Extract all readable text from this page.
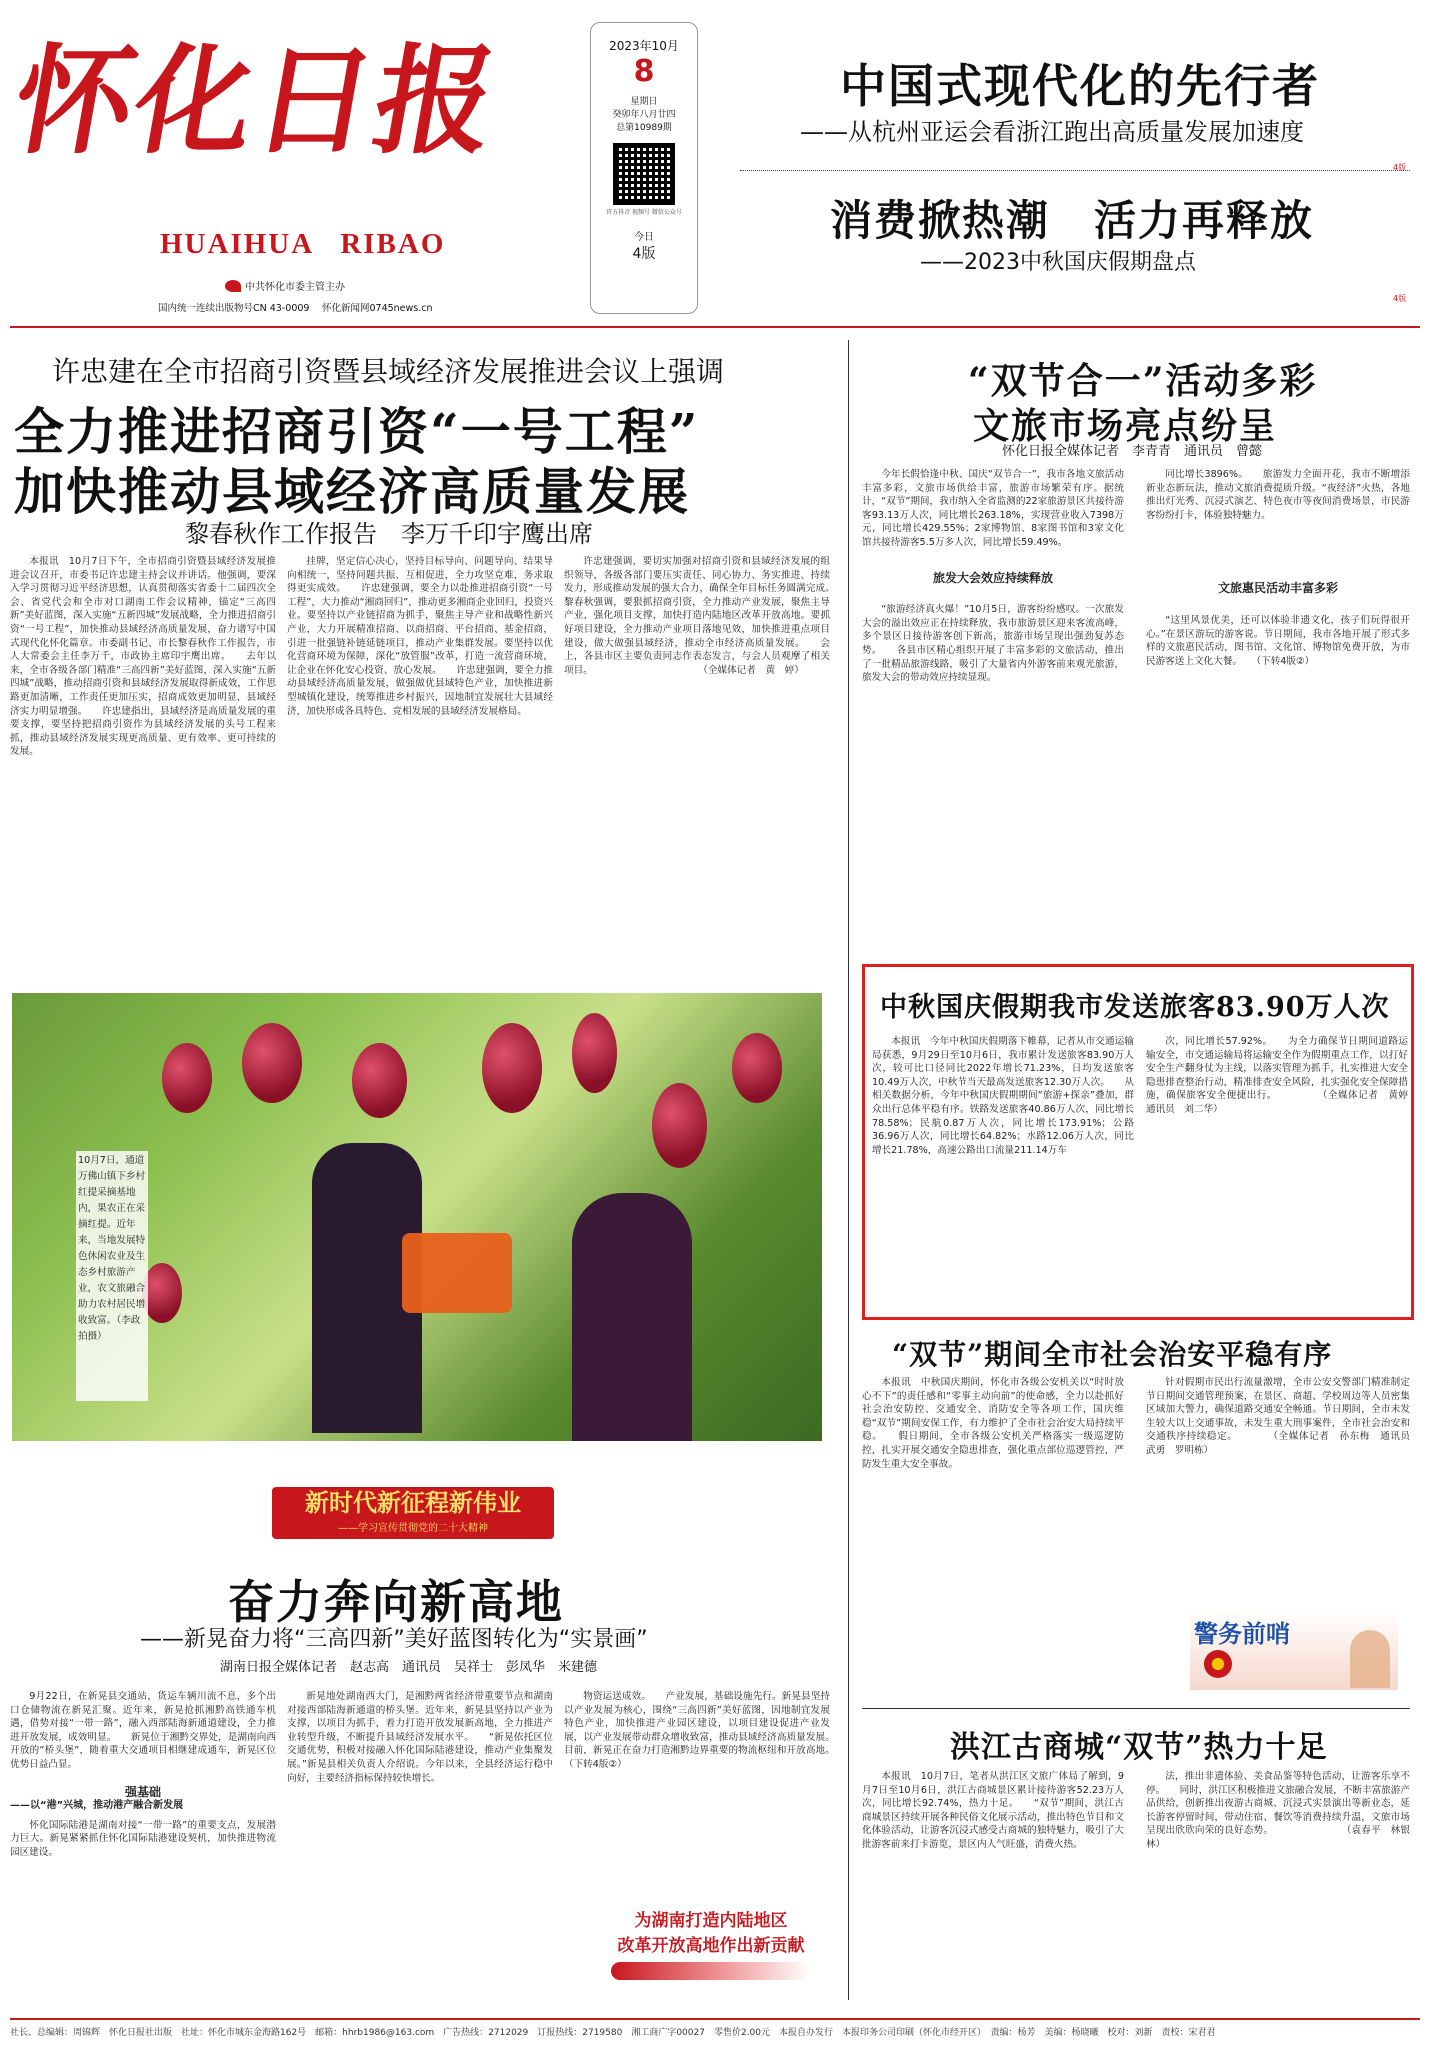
怀化日报
HUAIHUA   RIBAO
中共怀化市委主管主办
国内统一连续出版物号CN 43-0009　 怀化新闻网0745news.cn
2023年10月
8
星期日
癸卯年八月廿四
总第10989期
官方抖音 视频号 微信公众号
今日
4版
中国式现代化的先行者
——从杭州亚运会看浙江跑出高质量发展加速度
4版
消费掀热潮　活力再释放
——2023中秋国庆假期盘点
4版
许忠建在全市招商引资暨县域经济发展推进会议上强调
全力推进招商引资“一号工程”
加快推动县域经济高质量发展
黎春秋作工作报告　李万千印宇鹰出席

本报讯　10月7日下午，全市招商引资暨县域经济发展推进会议召开，市委书记许忠建主持会议并讲话。他强调，要深入学习贯彻习近平经济思想，认真贯彻落实省委十二届四次全会、省党代会和全市对口湖南工作会议精神，锚定“三高四新”美好蓝图，深入实施“五新四城”发展战略，全力推进招商引资“一号工程”，加快推动县域经济高质量发展，奋力谱写中国式现代化怀化篇章。市委副书记、市长黎春秋作工作报告，市人大常委会主任李万千，市政协主席印宇鹰出席。　　去年以来，全市各级各部门精准“三高四新”美好蓝图，深入实施“五新四城”战略，推动招商引资和县域经济发展取得新成效，工作思路更加清晰，工作责任更加压实，招商成效更加明显，县域经济实力明显增强。　　许忠建指出，县域经济是高质量发展的重要支撑，要坚持把招商引资作为县域经济发展的头号工程来抓，推动县域经济发展实现更高质量、更有效率、更可持续的发展。

挂牌，坚定信心决心，坚持目标导向、问题导向、结果导向相统一，坚持问题共振、互相促进，全力攻坚克难，务求取得更实成效。　　许忠建强调，要全力以赴推进招商引资“一号工程”，大力推动“湘商回归”，推动更多湘商企业回归，投资兴业。要坚持以产业链招商为抓手，聚焦主导产业和战略性新兴产业，大力开展精准招商、以商招商、平台招商、基金招商，引进一批强链补链延链项目，推动产业集群发展。要坚持以优化营商环境为保障，深化“放管服”改革，打造一流营商环境，让企业在怀化安心投资、放心发展。　　许忠建强调，要全力推动县域经济高质量发展，做强做优县域特色产业，加快推进新型城镇化建设，统筹推进乡村振兴，因地制宜发展壮大县域经济，加快形成各具特色、竞相发展的县域经济发展格局。

许忠建强调，要切实加强对招商引资和县域经济发展的组织领导，各级各部门要压实责任、同心协力、务实推进、持续发力，形成推动发展的强大合力，确保全年目标任务圆满完成。　　黎春秋强调，要狠抓招商引资，全力推动产业发展，聚焦主导产业，强化项目支撑，加快打造内陆地区改革开放高地。要抓好项目建设，全力推动产业项目落地见效，加快推进重点项目建设，做大做强县域经济，推动全市经济高质量发展。　　会上，各县市区主要负责同志作表态发言，与会人员观摩了相关项目。　　　　　　　　　　　　（全媒体记者　黄　婷）

“双节合一”活动多彩
文旅市场亮点纷呈
怀化日报全媒体记者　李青青　通讯员　曾懿

今年长假恰逢中秋、国庆“双节合一”，我市各地文旅活动丰富多彩，文旅市场供给丰富，旅游市场繁荣有序。据统计，“双节”期间，我市纳入全省监测的22家旅游景区共接待游客93.13万人次，同比增长263.18%，实现营业收入7398万元，同比增长429.55%；2家博物馆、8家图书馆和3家文化馆共接待游客5.5万多人次，同比增长59.49%。

旅发大会效应持续释放

“旅游经济真火爆！”10月5日，游客纷纷感叹。一次旅发大会的溢出效应正在持续释放，我市旅游景区迎来客流高峰，多个景区日接待游客创下新高，旅游市场呈现出强劲复苏态势。　　各县市区精心组织开展了丰富多彩的文旅活动，推出了一批精品旅游线路，吸引了大量省内外游客前来观光旅游，旅发大会的带动效应持续显现。

同比增长3896%。　　旅游发力全面开花，我市不断增添新业态新玩法，推动文旅消费提质升级。“夜经济”火热，各地推出灯光秀、沉浸式演艺、特色夜市等夜间消费场景，市民游客纷纷打卡，体验独特魅力。

文旅惠民活动丰富多彩

“这里风景优美，还可以体验非遗文化，孩子们玩得很开心。”在景区游玩的游客说。节日期间，我市各地开展了形式多样的文旅惠民活动，图书馆、文化馆、博物馆免费开放，为市民游客送上文化大餐。　　（下转4版②）

10月7日，通道万佛山镇下乡村红提采摘基地内，果农正在采摘红提。近年来，当地发展特色休闲农业及生态乡村旅游产业，农文旅融合助力农村居民增收致富。（李政拍摄）
新时代新征程新伟业
——学习宣传贯彻党的二十大精神
奋力奔向新高地
——新晃奋力将“三高四新”美好蓝图转化为“实景画”
湖南日报全媒体记者　赵志高　通讯员　吴祥士　彭凤华　米建德

9月22日，在新晃县交通站，货运车辆川流不息，多个出口仓储物流在新晃汇聚。近年来，新晃抢抓湘黔高铁通车机遇，借势对接“一带一路”，融入西部陆海新通道建设，全力推进开放发展，成效明显。　　新晃位于湘黔交界处，是湖南向西开放的“桥头堡”，随着重大交通项目相继建成通车，新晃区位优势日益凸显。

强基础
——以“港”兴城，推动港产融合新发展

怀化国际陆港是湖南对接“一带一路”的重要支点，发展潜力巨大。新晃紧紧抓住怀化国际陆港建设契机，加快推进物流园区建设。

新晃地处湖南西大门，是湘黔两省经济带重要节点和湖南对接西部陆海新通道的桥头堡。近年来，新晃县坚持以产业为支撑，以项目为抓手，着力打造开放发展新高地，全力推进产业转型升级，不断提升县域经济发展水平。　　“新晃依托区位交通优势，积极对接融入怀化国际陆港建设，推动产业集聚发展。”新晃县相关负责人介绍说。今年以来，全县经济运行稳中向好，主要经济指标保持较快增长。

物资运送成效。　　产业发展，基础设施先行。新晃县坚持以产业发展为核心，围绕“三高四新”美好蓝图，因地制宜发展特色产业，加快推进产业园区建设，以项目建设促进产业发展，以产业发展带动群众增收致富，推动县域经济高质量发展。　　目前，新晃正在奋力打造湘黔边界重要的物流枢纽和开放高地。　　（下转4版②）

为湖南打造内陆地区
改革开放高地作出新贡献
中秋国庆假期我市发送旅客83.90万人次

本报讯　今年中秋国庆假期落下帷幕，记者从市交通运输局获悉，9月29日至10月6日，我市累计发送旅客83.90万人次，较可比口径同比2022年增长71.23%，日均发送旅客10.49万人次，中秋节当天最高发送旅客12.30万人次。　　从相关数据分析，今年中秋国庆假期期间“旅游+探亲”叠加，群众出行总体平稳有序。铁路发送旅客40.86万人次，同比增长78.58%；民航0.87万人次，同比增长173.91%；公路36.96万人次，同比增长64.82%；水路12.06万人次，同比增长21.78%，高速公路出口流量211.14万车

次，同比增长57.92%。　　为全力确保节日期间道路运输安全，市交通运输局将运输安全作为假期重点工作，以打好安全生产翻身仗为主线，以落实管理为抓手，扎实推进大安全隐患排查整治行动，精准排查安全风险，扎实强化安全保障措施，确保旅客安全便捷出行。　　　　　（全媒体记者　黄婷　通讯员　刘二华）

“双节”期间全市社会治安平稳有序

本报讯　中秋国庆期间，怀化市各级公安机关以“时时放心不下”的责任感和“零事主动向前”的使命感，全力以赴抓好社会治安防控、交通安全、消防安全等各项工作，国庆维稳“双节”期间安保工作，有力维护了全市社会治安大局持续平稳。　　假日期间，全市各级公安机关严格落实一级巡逻防控，扎实开展交通安全隐患排查，强化重点部位巡逻管控，严防发生重大安全事故。

针对假期市民出行流量激增，全市公安交警部门精准制定节日期间交通管理预案，在景区、商超、学校周边等人员密集区域加大警力，确保道路交通安全畅通。节日期间，全市未发生较大以上交通事故，未发生重大刑事案件，全市社会治安和交通秩序持续稳定。　　　　（全媒体记者　孙东梅　通讯员　武勇　罗明栋）

警务前哨
洪江古商城“双节”热力十足

本报讯　10月7日，笔者从洪江区文旅广体局了解到，9月7日至10月6日，洪江古商城景区累计接待游客52.23万人次，同比增长92.74%，热力十足。　　“双节”期间，洪江古商城景区持续开展各种民俗文化展示活动，推出特色节目和文化体验活动，让游客沉浸式感受古商城的独特魅力，吸引了大批游客前来打卡游览，景区内人气旺盛，消费火热。

法，推出非遗体验、美食品鉴等特色活动，让游客乐享不停。　　同时，洪江区积极推进文旅融合发展，不断丰富旅游产品供给，创新推出夜游古商城、沉浸式实景演出等新业态，延长游客停留时间，带动住宿、餐饮等消费持续升温，文旅市场呈现出欣欣向荣的良好态势。　　　　　　　　（袁春平　林银林）

社长、总编辑：周锦辉　怀化日报社出版　社址：怀化市城东金海路162号　邮箱：hhrb1986@163.com　广告热线：2712029　订报热线：2719580　湘工商广字00027　零售价2.00元　本报自办发行　本报印务公司印刷（怀化市经开区）　责编：杨芳　美编：杨晓曦　校对：刘新　责校：宋君君
